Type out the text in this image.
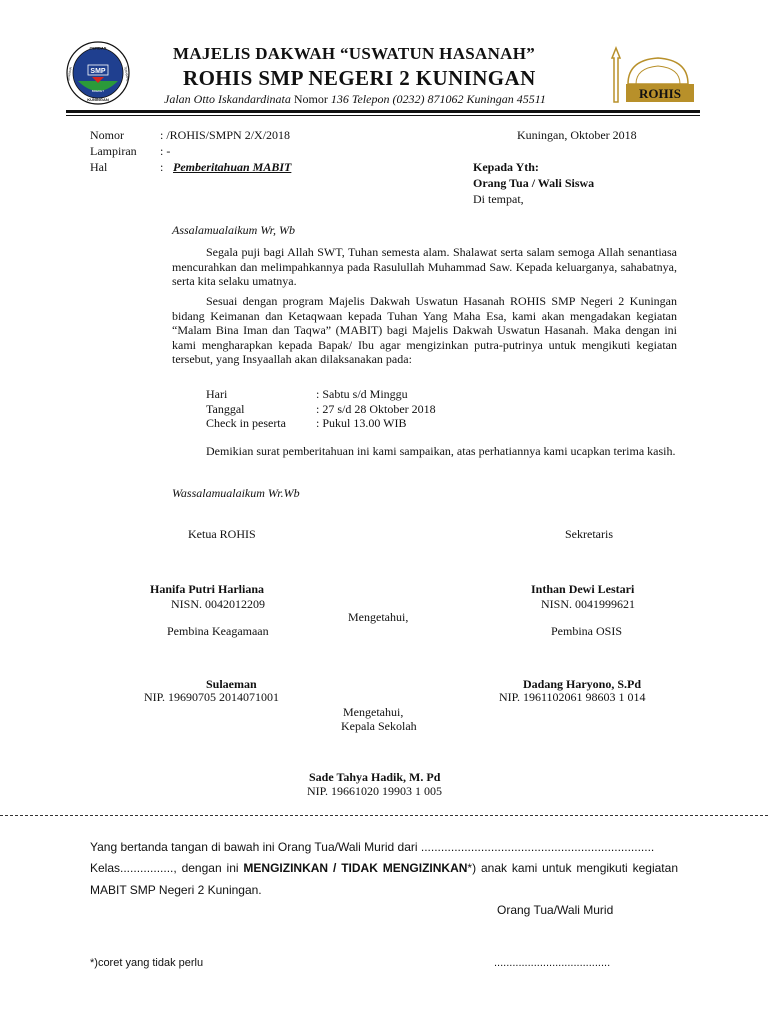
SMP
CERDAS
BERIMAN	TERAMPIL
BREDET
KUNINGAN
MAJELIS DAKWAH “USWATUN HASANAH”
ROHIS SMP NEGERI 2 KUNINGAN
Jalan Otto Iskandardinata Nomor 136 Telepon (0232) 871062 Kuningan 45511	ROHIS
Nomor	: /ROHIS/SMPN 2/X/2018
Lampiran : -
Hal	: Pemberitahuan MABIT
Kuningan, Oktober 2018
Kepada Yth:
Orang Tua / Wali Siswa
Di tempat,
Assalamualaikum Wr, Wb
Segala puji bagi Allah SWT, Tuhan semesta alam. Shalawat serta salam semoga Allah senantiasa mencurahkan dan melimpahkannya pada Rasulullah Muhammad Saw. Kepada keluarganya, sahabatnya, serta kita selaku umatnya.
Sesuai dengan program Majelis Dakwah Uswatun Hasanah ROHIS SMP Negeri 2 Kuningan bidang Keimanan dan Ketaqwaan kepada Tuhan Yang Maha Esa, kami akan mengadakan kegiatan “Malam Bina Iman dan Taqwa” (MABIT) bagi Majelis Dakwah Uswatun Hasanah. Maka dengan ini kami mengharapkan kepada Bapak/ Ibu agar mengizinkan putra-putrinya untuk mengikuti kegiatan tersebut, yang Insyaallah akan dilaksanakan pada:
Hari	: Sabtu s/d Minggu
Tanggal	: 27 s/d 28 Oktober 2018
Check in peserta	: Pukul 13.00 WIB
Demikian surat pemberitahuan ini kami sampaikan, atas perhatiannya kami ucapkan terima kasih.
Wassalamualaikum Wr.Wb
Ketua ROHIS	Sekretaris
Hanifa Putri Harliana
NISN. 0042012209
Inthan Dewi Lestari
NISN. 0041999621
Mengetahui,
Pembina Keagamaan	Pembina OSIS
Sulaeman
NIP. 19690705 2014071001
Dadang Haryono, S.Pd
NIP. 1961102061 98603 1 014
Mengetahui,
Kepala Sekolah
Sade Tahya Hadik, M. Pd
NIP. 19661020 19903 1 005
Yang bertanda tangan di bawah ini Orang Tua/Wali Murid dari ......................................................................
Kelas................, dengan ini MENGIZINKAN / TIDAK MENGIZINKAN*) anak kami untuk mengikuti kegiatan MABIT SMP Negeri 2 Kuningan.
Orang Tua/Wali Murid
*)coret yang tidak perlu	......................................
